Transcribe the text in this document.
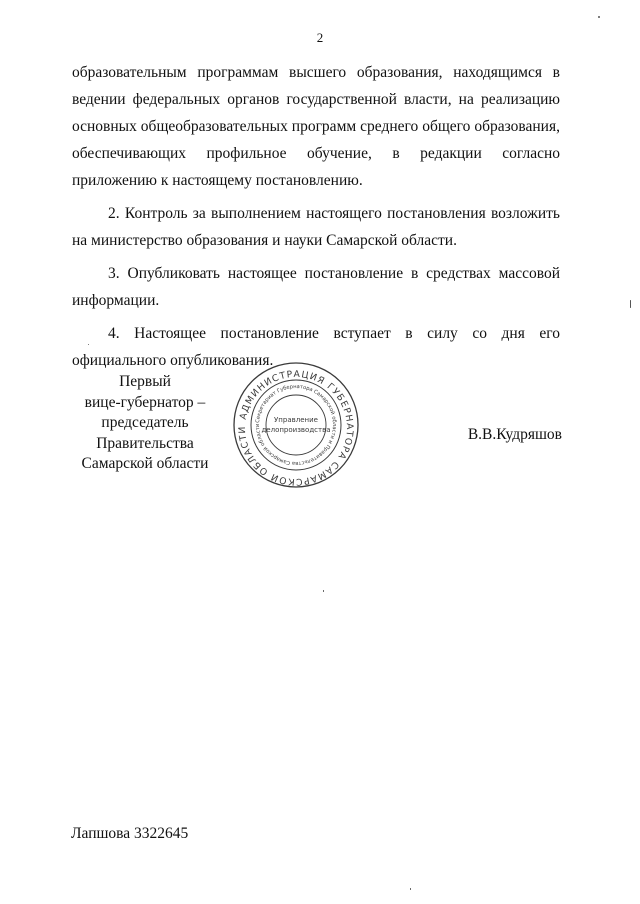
2

образовательным программам высшего образования, находящимся в ведении федеральных органов государственной власти, на реализацию основных общеобразовательных программ среднего общего образования, обеспечивающих профильное обучение, в редакции согласно приложению к настоящему постановлению.

2. Контроль за выполнением настоящего постановления возложить на министерство образования и науки Самарской области.

3. Опубликовать настоящее постановление в средствах массовой информации.

4. Настоящее постановление вступает в силу со дня его официального опубликования.

Первый
вице-губернатор –
председатель Правительства
Самарской области
АДМИНИСТРАЦИЯ ГУБЕРНАТОРА САМАРСКОЙ ОБЛАСТИ
Секретариат Губернатора Самарской области и Правительства Самарской области
Управление
делопроизводства	В.В.Кудряшов
Лапшова 3322645
